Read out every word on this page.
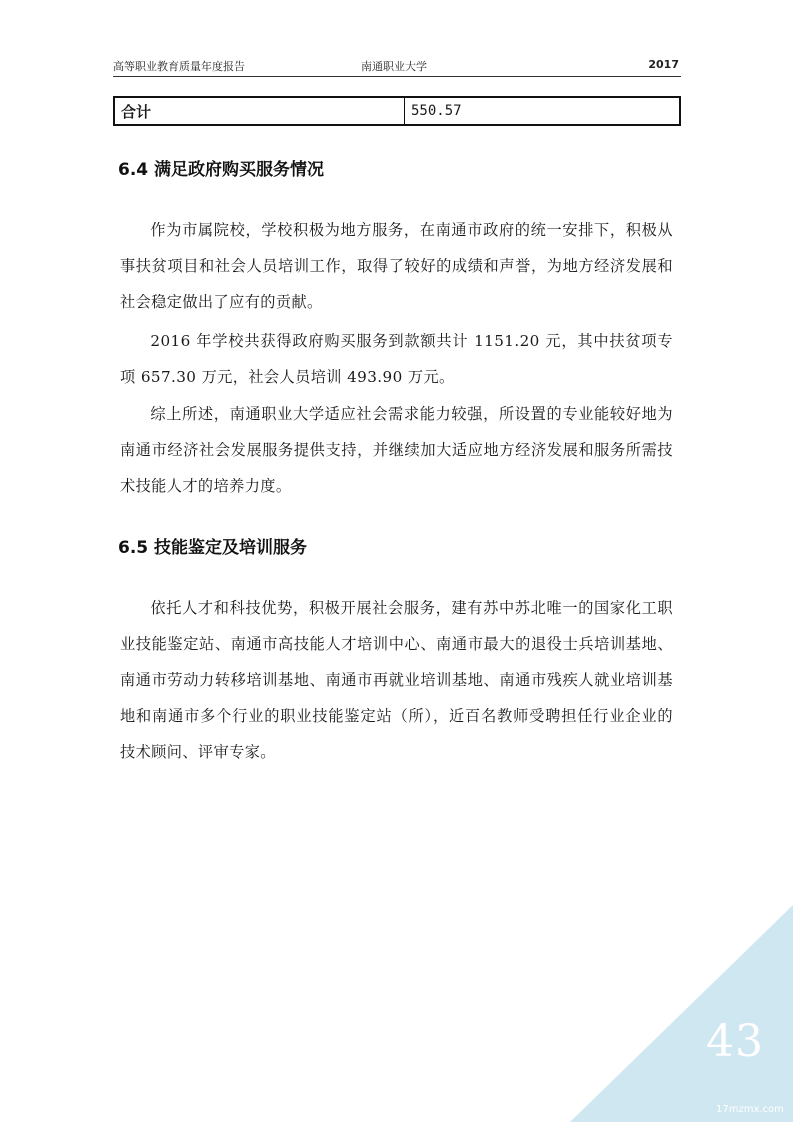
高等职业教育质量年度报告	南通职业大学	2017
合计	550.57
6.4 满足政府购买服务情况

作为市属院校，学校积极为地方服务，在南通市政府的统一安排下，积极从事扶贫项目和社会人员培训工作，取得了较好的成绩和声誉，为地方经济发展和社会稳定做出了应有的贡献。

2016 年学校共获得政府购买服务到款额共计 1151.20 元，其中扶贫项专项 657.30 万元，社会人员培训 493.90 万元。

综上所述，南通职业大学适应社会需求能力较强，所设置的专业能较好地为南通市经济社会发展服务提供支持，并继续加大适应地方经济发展和服务所需技术技能人才的培养力度。

6.5 技能鉴定及培训服务

依托人才和科技优势，积极开展社会服务，建有苏中苏北唯一的国家化工职业技能鉴定站、南通市高技能人才培训中心、南通市最大的退役士兵培训基地、南通市劳动力转移培训基地、南通市再就业培训基地、南通市残疾人就业培训基地和南通市多个行业的职业技能鉴定站（所），近百名教师受聘担任行业企业的技术顾问、评审专家。

43
17mzmx.com
